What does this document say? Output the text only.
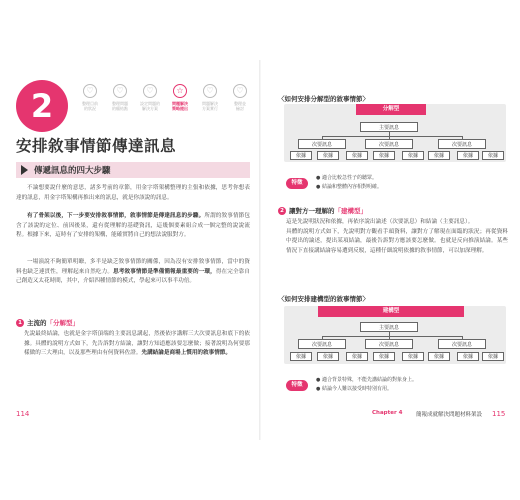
2	♡
整理目前
的狀況
♡
整理問題
的癥結點
♡
設定問題的
解決方案
☆
問題解決
策略提出
♡
問題解決
方案實行
♡
整理並
檢討
安排敘事情節傳達訊息
傳遞訊息的四大步驟
不論想要說什麼的意思，諸多考前的章節，用金字塔架構整理的主張和依據，思考你想表達的訊息，用金字塔架構再推出來的訊息，就是你該說的訊息。
有了骨架以後，下一步要安排敘事情節，敘事情節是傳達訊息的步驟。所謂的敘事情節包含了該說的定位、前因後果，還有從理解的基礎資訊，這幾個要素組合成一個完整的說說流程。根據下來，這時有了安排的架構，能確實將自己的想法說服對方。
一場演說不夠簡單明瞭，多半是缺乏敘事情節的關係，因為沒有安排敘事情節，當中的資料也缺乏連貫性，理解起來自然吃力。思考敘事情節是準備簡報最重要的一環，得在完全靠自己創造又太花時間，其中，介紹四種情節的模式，學起來可以事半功倍。
1 主流的「分解型」
先說最終結論，也就是金字塔頂端的主要訊息講起，然後依序講解三大次要訊息和底下的依據。具體的說明方式如下，先告訴對方結論，讓對方知道應該要怎麼做；接著說明為何要那樣做的三大理由，以及那些理由有何資料佐證。先講結論是商場上慣用的敘事情節。
114
〈如何安排分解型的敘事情節〉
分解型
主要訊息
次要訊息	次要訊息	次要訊息
依據	依據	依據	依據	依據	依據	依據	依據
特徵
● 適合比較急性子的聽眾。
● 結論和整體內容相對明確。
2 讓對方一理解的「建構型」
這是先說明狀況和依據，再依序說出論述（次要訊息）和結論（主要訊息）。
具體的說明方式如下，先說明對方觀看手頭資料，讓對方了解現在面臨的狀況；再從資料中提出的論述，提出某項結論，最後告訴對方應該要怎麼做。也就是反向推演結論。某些情況下直接講結論容易遭到反駁，這種仔細說明依據的敘事情節，可以加深理解。
〈如何安排建構型的敘事情節〉
建構型
主要訊息
次要訊息	次要訊息	次要訊息
依據	依據	依據	依據	依據	依據	依據	依據
特徵
● 適合背景特殊，不能先講結論的對象身上。
● 結論今人難以接受時特別有用。
Chapter 4 簡報成就解決問題材料架設 115
